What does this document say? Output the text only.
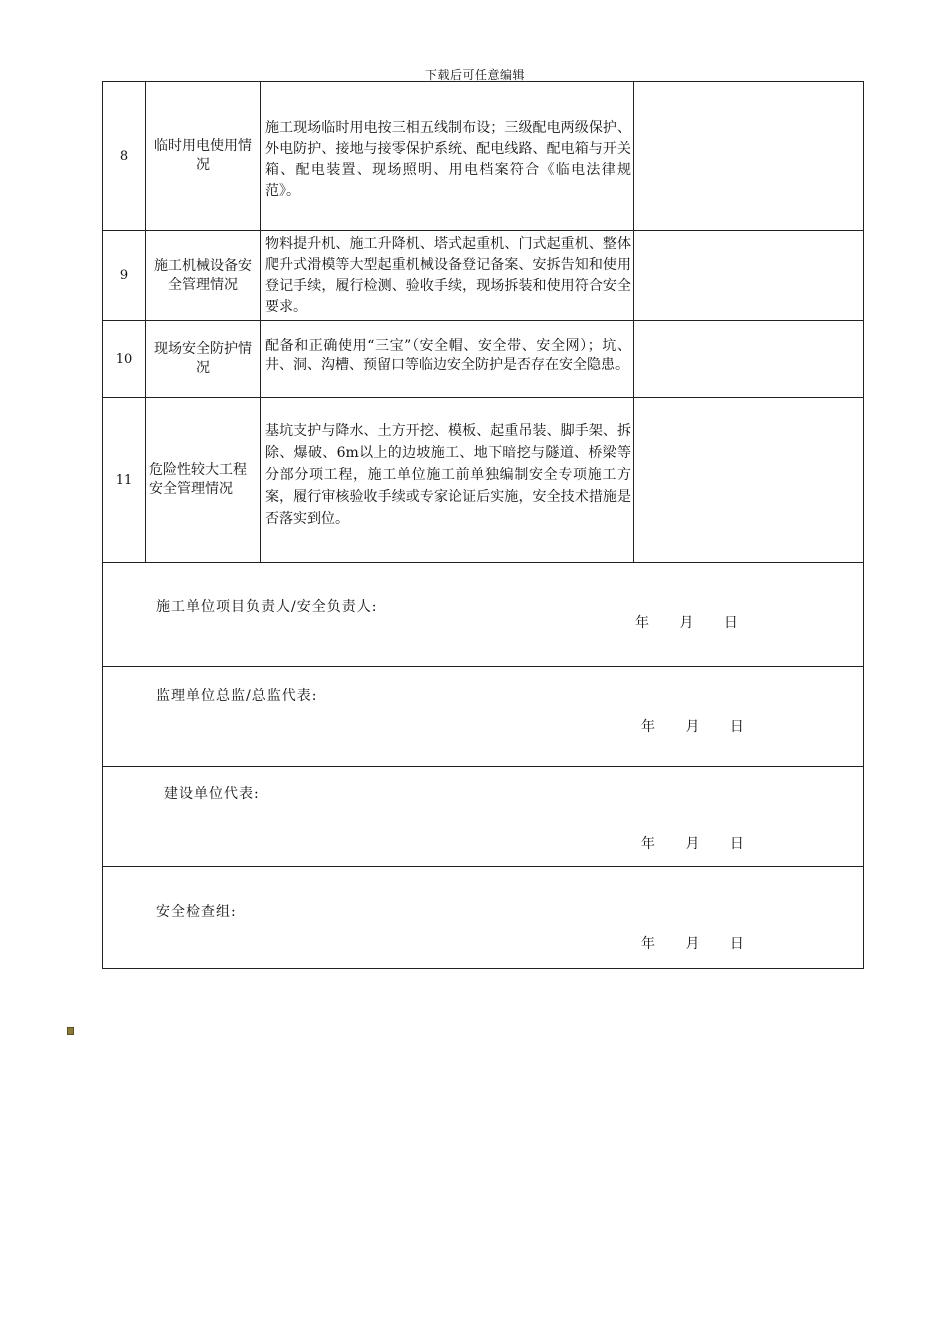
下载后可任意编辑
8
临时用电使用情况
施工现场临时用电按三相五线制布设；三级配电两级保护、外电防护、接地与接零保护系统、配电线路、配电箱与开关箱、配电装置、现场照明、用电档案符合《临电法律规范》。
9
施工机械设备安全管理情况
物料提升机、施工升降机、塔式起重机、门式起重机、整体爬升式滑模等大型起重机械设备登记备案、安拆告知和使用登记手续，履行检测、验收手续，现场拆装和使用符合安全要求。
10
现场安全防护情况
配备和正确使用“三宝”（安全帽、安全带、安全网）；坑、井、洞、沟槽、预留口等临边安全防护是否存在安全隐患。
11
危险性较大工程安全管理情况
基坑支护与降水、土方开挖、模板、起重吊装、脚手架、拆除、爆破、6m以上的边坡施工、地下暗挖与隧道、桥梁等分部分项工程，施工单位施工前单独编制安全专项施工方案，履行审核验收手续或专家论证后实施，安全技术措施是否落实到位。
施工单位项目负责人/安全负责人:
年 月 日
监理单位总监/总监代表:
年 月 日
建设单位代表:
年 月 日
安全检查组:
年 月 日
